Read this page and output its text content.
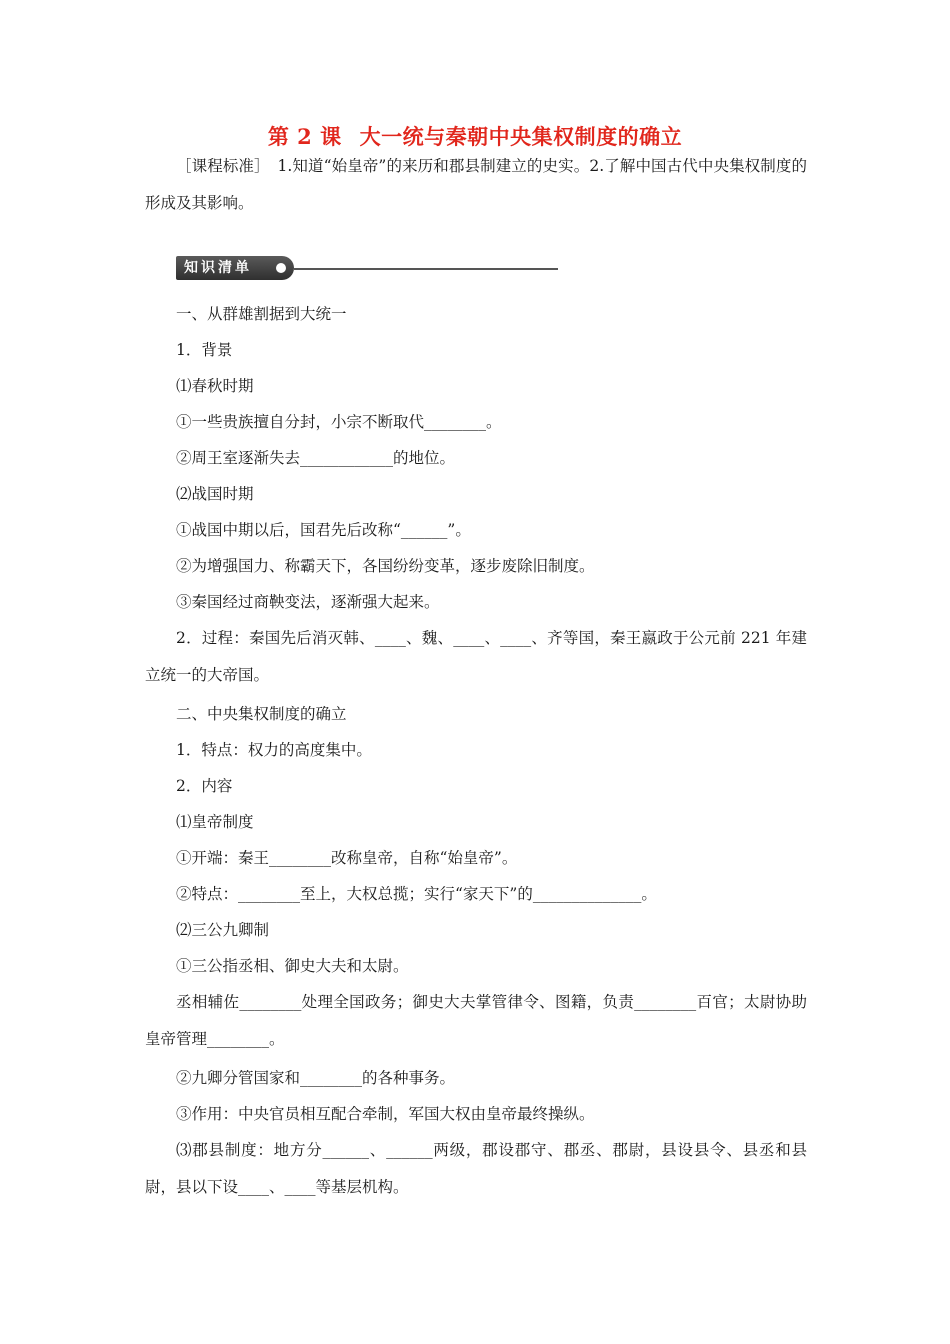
第 2 课 大一统与秦朝中央集权制度的确立
［课程标准］　1.知道“始皇帝”的来历和郡县制建立的史实。2.了解中国古代中央集权制度的形成及其影响。
知识清单
一、从群雄割据到大统一
1．背景
⑴春秋时期
①一些贵族擅自分封，小宗不断取代________。
②周王室逐渐失去____________的地位。
⑵战国时期
①战国中期以后，国君先后改称“______”。
②为增强国力、称霸天下，各国纷纷变革，逐步废除旧制度。
③秦国经过商鞅变法，逐渐强大起来。
2．过程：秦国先后消灭韩、____、魏、____、____、齐等国，秦王嬴政于公元前 221 年建立统一的大帝国。
二、中央集权制度的确立
1．特点：权力的高度集中。
2．内容
⑴皇帝制度
①开端：秦王________改称皇帝，自称“始皇帝”。
②特点：________至上，大权总揽；实行“家天下”的______________。
⑵三公九卿制
①三公指丞相、御史大夫和太尉。
丞相辅佐________处理全国政务；御史大夫掌管律令、图籍，负责________百官；太尉协助皇帝管理________。
②九卿分管国家和________的各种事务。
③作用：中央官员相互配合牵制，军国大权由皇帝最终操纵。
⑶郡县制度：地方分______、______两级，郡设郡守、郡丞、郡尉，县设县令、县丞和县尉，县以下设____、____等基层机构。
